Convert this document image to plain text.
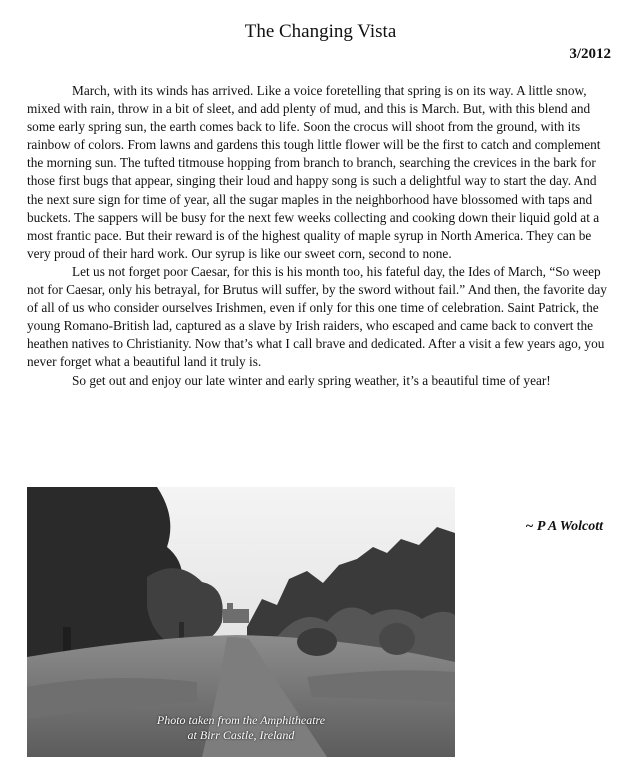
The Changing Vista
3/2012

March, with its winds has arrived. Like a voice foretelling that spring is on its way. A little snow, mixed with rain, throw in a bit of sleet, and add plenty of mud, and this is March. But, with this blend and some early spring sun, the earth comes back to life. Soon the crocus will shoot from the ground, with its rainbow of colors. From lawns and gardens this tough little flower will be the first to catch and complement the morning sun. The tufted titmouse hopping from branch to branch, searching the crevices in the bark for those first bugs that appear, singing their loud and happy song is such a delightful way to start the day. And the next sure sign for time of year, all the sugar maples in the neighborhood have blossomed with taps and buckets. The sappers will be busy for the next few weeks collecting and cooking down their liquid gold at a most frantic pace. But their reward is of the highest quality of maple syrup in North America. They can be very proud of their hard work. Our syrup is like our sweet corn, second to none.

Let us not forget poor Caesar, for this is his month too, his fateful day, the Ides of March, “So weep not for Caesar, only his betrayal, for Brutus will suffer, by the sword without fail.” And then, the favorite day of all of us who consider ourselves Irishmen, even if only for this one time of celebration. Saint Patrick, the young Romano-British lad, captured as a slave by Irish raiders, who escaped and came back to convert the heathen natives to Christianity. Now that’s what I call brave and dedicated. After a visit a few years ago, you never forget what a beautiful land it truly is.

So get out and enjoy our late winter and early spring weather, it’s a beautiful time of year!

~ P A Wolcott
Photo taken from the Amphitheatre
at Birr Castle, Ireland
